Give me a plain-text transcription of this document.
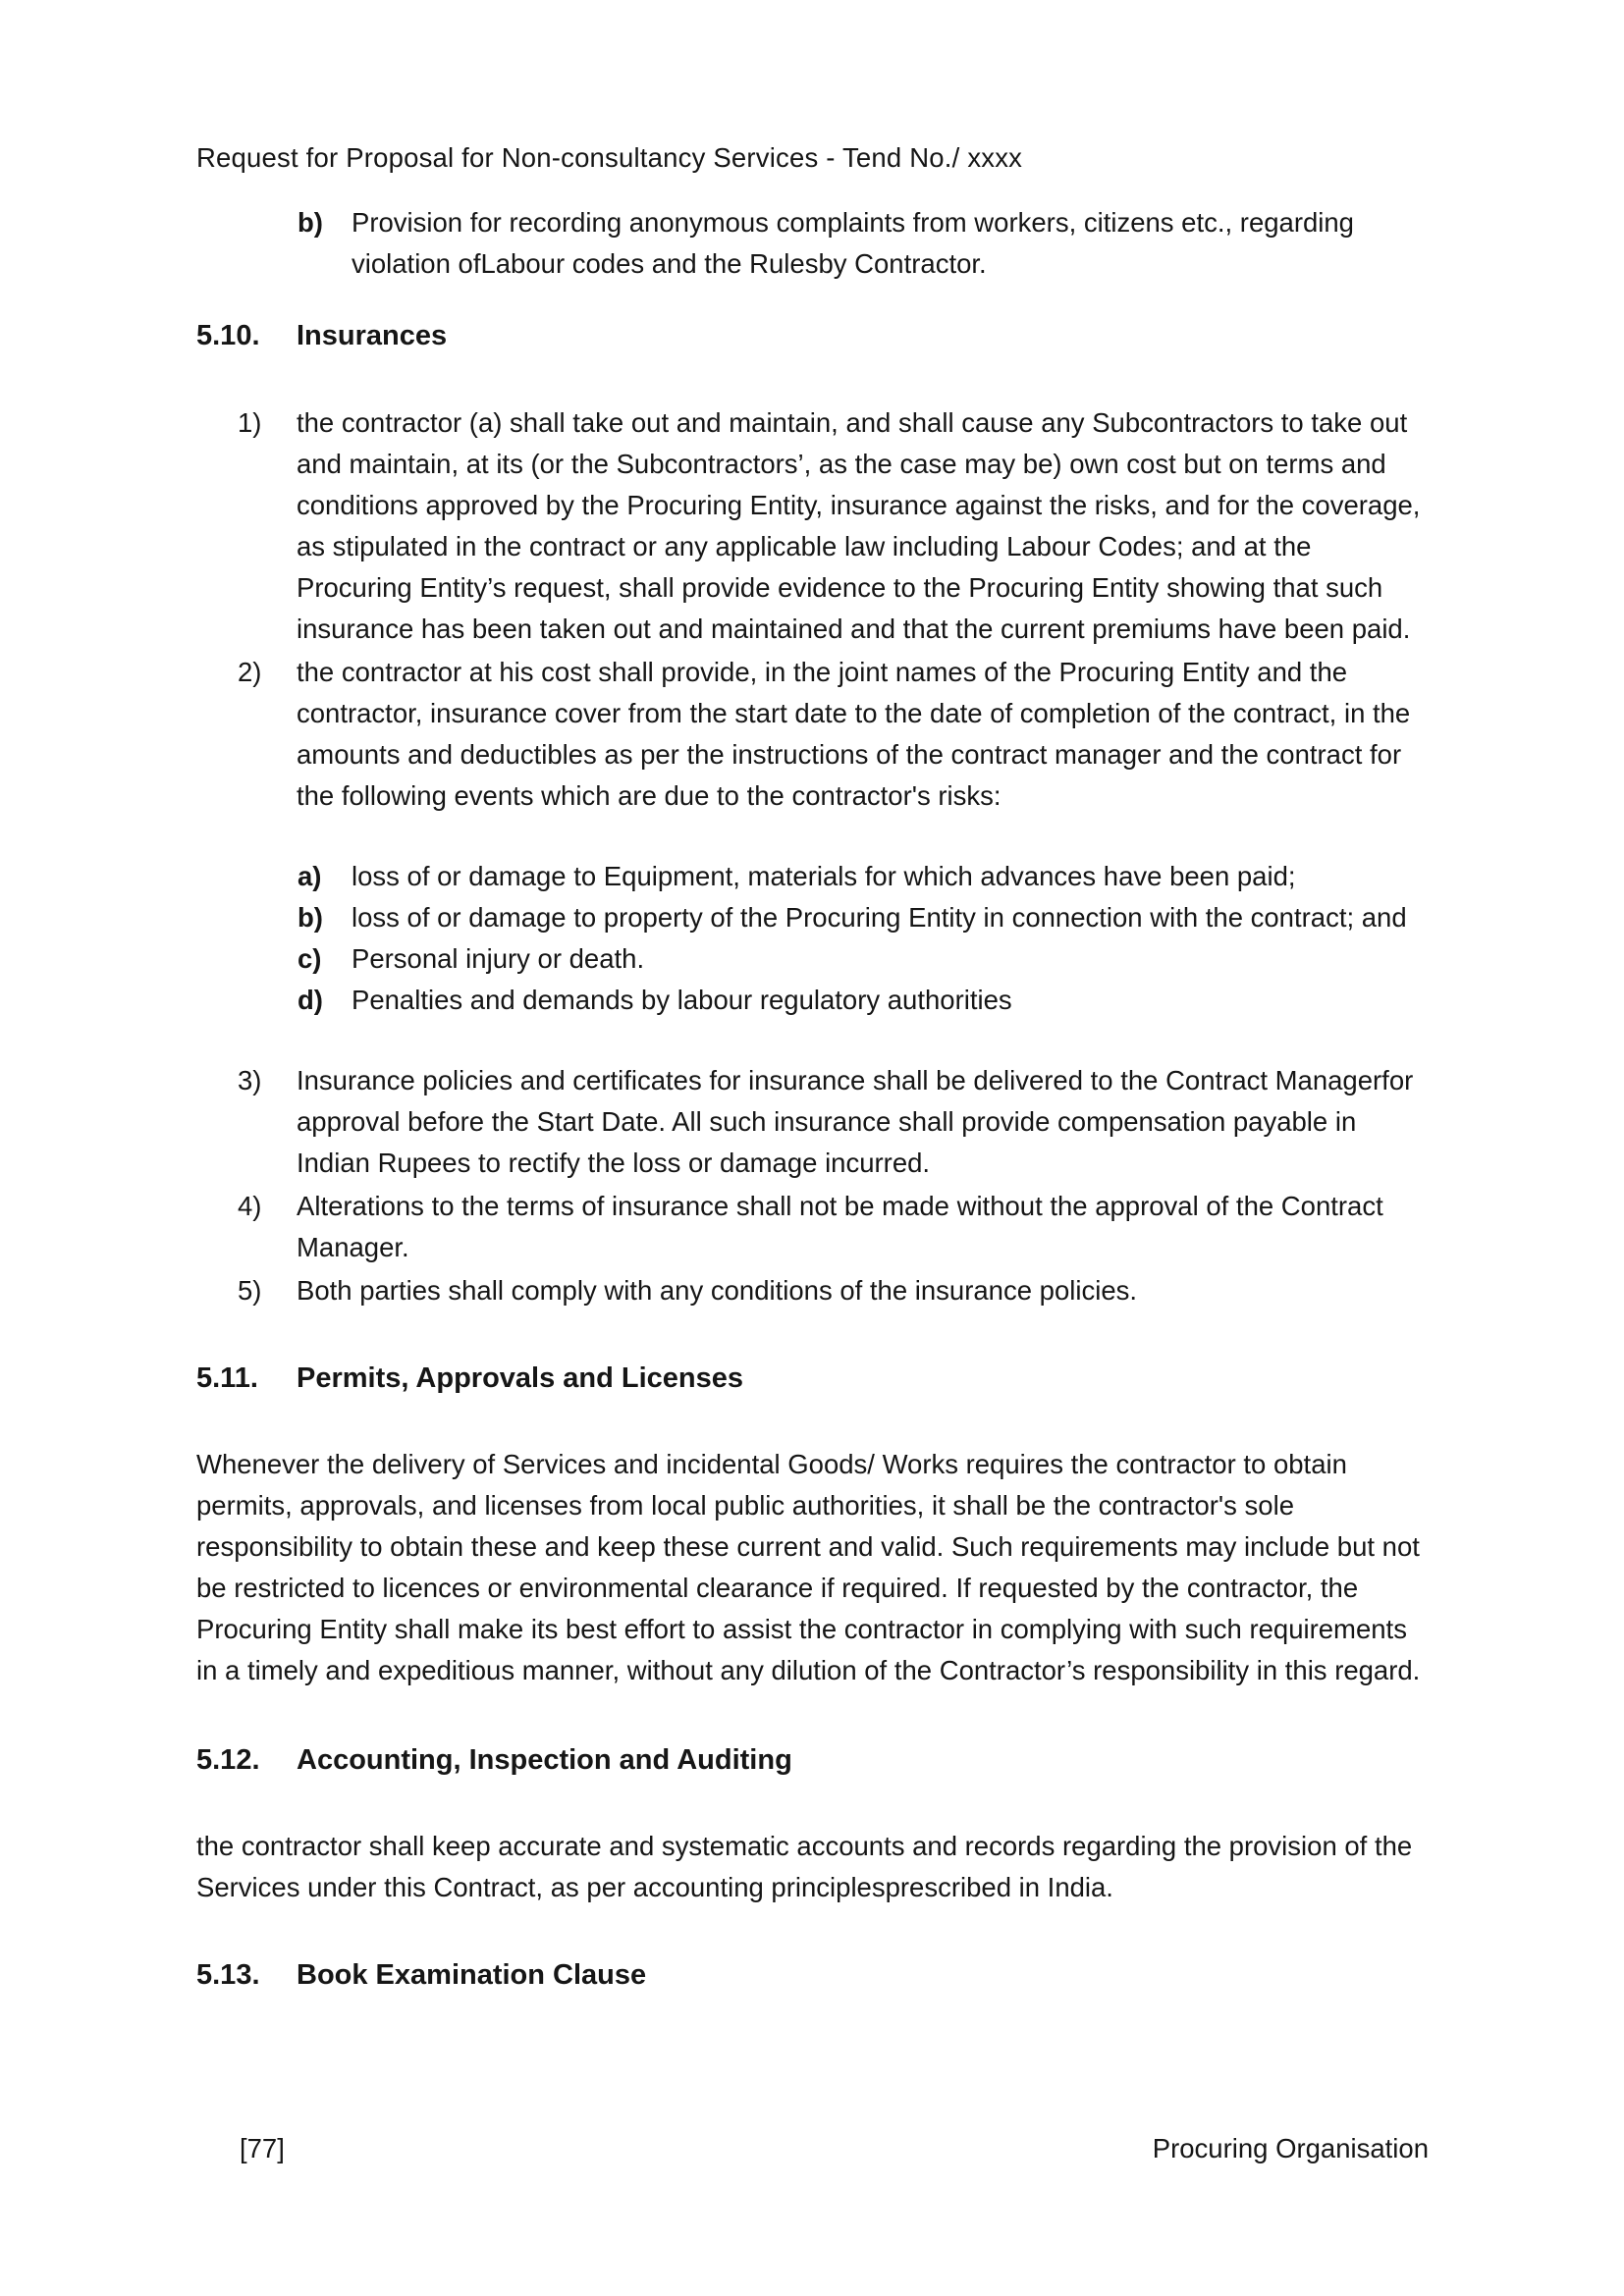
Request for Proposal for Non-consultancy Services - Tend No./ xxxx
b)	Provision for recording anonymous complaints from workers, citizens etc., regarding violation ofLabour codes and the Rulesby Contractor.
5.10.	Insurances
1)	the contractor (a) shall take out and maintain, and shall cause any Subcontractors to take out and maintain, at its (or the Subcontractors’, as the case may be) own cost but on terms and conditions approved by the Procuring Entity, insurance against the risks, and for the coverage, as stipulated in the contract or any applicable law including Labour Codes; and at the Procuring Entity’s request, shall provide evidence to the Procuring Entity showing that such insurance has been taken out and maintained and that the current premiums have been paid.
2)	the contractor at his cost shall provide, in the joint names of the Procuring Entity and the contractor, insurance cover from the start date to the date of completion of the contract, in the amounts and deductibles as per the instructions of the contract manager and the contract for the following events which are due to the contractor's risks:
a)	loss of or damage to Equipment, materials for which advances have been paid;
b)	loss of or damage to property of the Procuring Entity in connection with the contract; and
c)	Personal injury or death.
d)	Penalties and demands by labour regulatory authorities
3)	Insurance policies and certificates for insurance shall be delivered to the Contract Managerfor approval before the Start Date. All such insurance shall provide compensation payable in Indian Rupees to rectify the loss or damage incurred.
4)	Alterations to the terms of insurance shall not be made without the approval of the Contract Manager.
5)	Both parties shall comply with any conditions of the insurance policies.
5.11.	Permits, Approvals and Licenses
Whenever the delivery of Services and incidental Goods/ Works requires the contractor to obtain permits, approvals, and licenses from local public authorities, it shall be the contractor's sole responsibility to obtain these and keep these current and valid. Such requirements may include but not be restricted to licences or environmental clearance if required. If requested by the contractor, the Procuring Entity shall make its best effort to assist the contractor in complying with such requirements in a timely and expeditious manner, without any dilution of the Contractor’s responsibility in this regard.
5.12.	Accounting, Inspection and Auditing
the contractor shall keep accurate and systematic accounts and records regarding the provision of the Services under this Contract, as per accounting principlesprescribed in India.
5.13.	Book Examination Clause
[77]	Procuring Organisation
